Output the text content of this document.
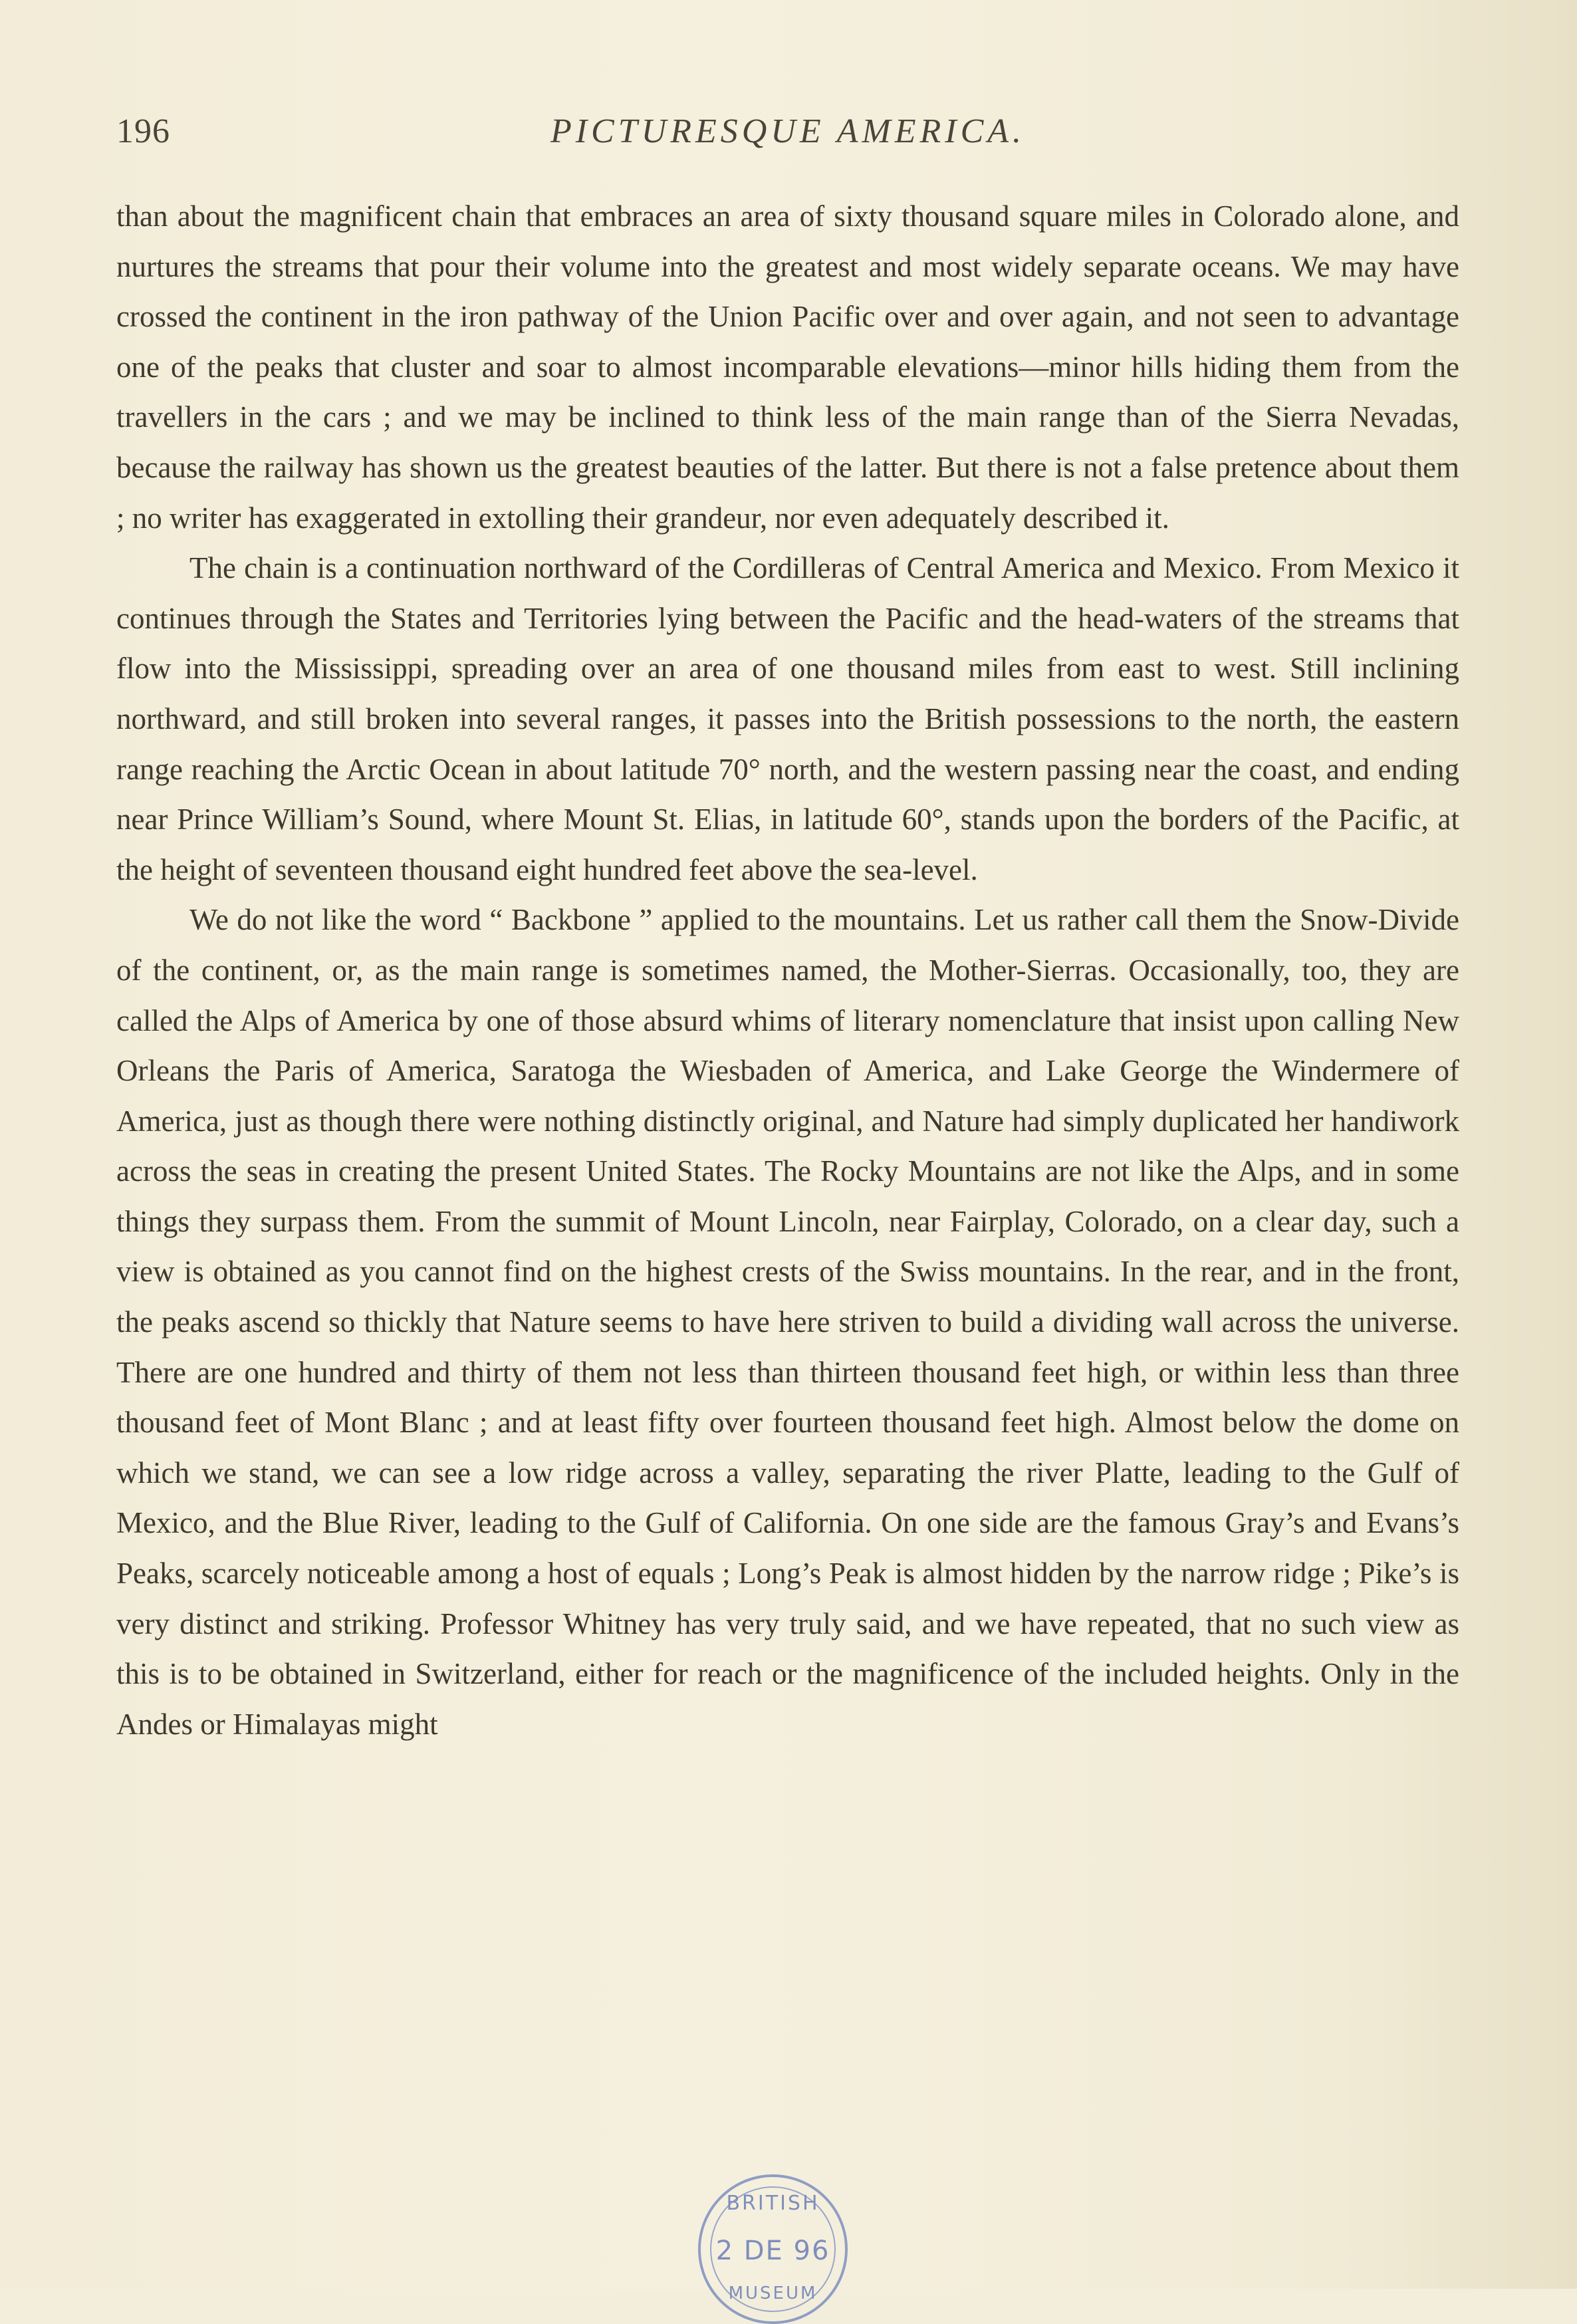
196	PICTURESQUE AMERICA.

than about the magnificent chain that embraces an area of sixty thousand square miles in Colorado alone, and nurtures the streams that pour their volume into the greatest and most widely separate oceans. We may have crossed the continent in the iron pathway of the Union Pacific over and over again, and not seen to advantage one of the peaks that cluster and soar to almost incomparable elevations—minor hills hiding them from the travellers in the cars ; and we may be inclined to think less of the main range than of the Sierra Nevadas, because the railway has shown us the greatest beauties of the latter. But there is not a false pretence about them ; no writer has exaggerated in extolling their grandeur, nor even adequately described it.

The chain is a continuation northward of the Cordilleras of Central America and Mexico. From Mexico it continues through the States and Territories lying between the Pacific and the head-waters of the streams that flow into the Mississippi, spreading over an area of one thousand miles from east to west. Still inclining northward, and still broken into several ranges, it passes into the British possessions to the north, the eastern range reaching the Arctic Ocean in about latitude 70° north, and the western passing near the coast, and ending near Prince William’s Sound, where Mount St. Elias, in latitude 60°, stands upon the borders of the Pacific, at the height of seventeen thousand eight hundred feet above the sea-level.

We do not like the word “ Backbone ” applied to the mountains. Let us rather call them the Snow-Divide of the continent, or, as the main range is sometimes named, the Mother-Sierras. Occasionally, too, they are called the Alps of America by one of those absurd whims of literary nomenclature that insist upon calling New Orleans the Paris of America, Saratoga the Wiesbaden of America, and Lake George the Windermere of America, just as though there were nothing distinctly original, and Nature had simply duplicated her handiwork across the seas in creating the present United States. The Rocky Mountains are not like the Alps, and in some things they surpass them. From the summit of Mount Lincoln, near Fairplay, Colorado, on a clear day, such a view is obtained as you cannot find on the highest crests of the Swiss mountains. In the rear, and in the front, the peaks ascend so thickly that Nature seems to have here striven to build a dividing wall across the universe. There are one hundred and thirty of them not less than thirteen thousand feet high, or within less than three thousand feet of Mont Blanc ; and at least fifty over fourteen thousand feet high. Almost below the dome on which we stand, we can see a low ridge across a valley, separating the river Platte, leading to the Gulf of Mexico, and the Blue River, leading to the Gulf of California. On one side are the famous Gray’s and Evans’s Peaks, scarcely noticeable among a host of equals ; Long’s Peak is almost hidden by the narrow ridge ; Pike’s is very distinct and striking. Professor Whitney has very truly said, and we have repeated, that no such view as this is to be obtained in Switzerland, either for reach or the magnificence of the included heights. Only in the Andes or Himalayas might

BRITISH
2 DE 96
MUSEUM
